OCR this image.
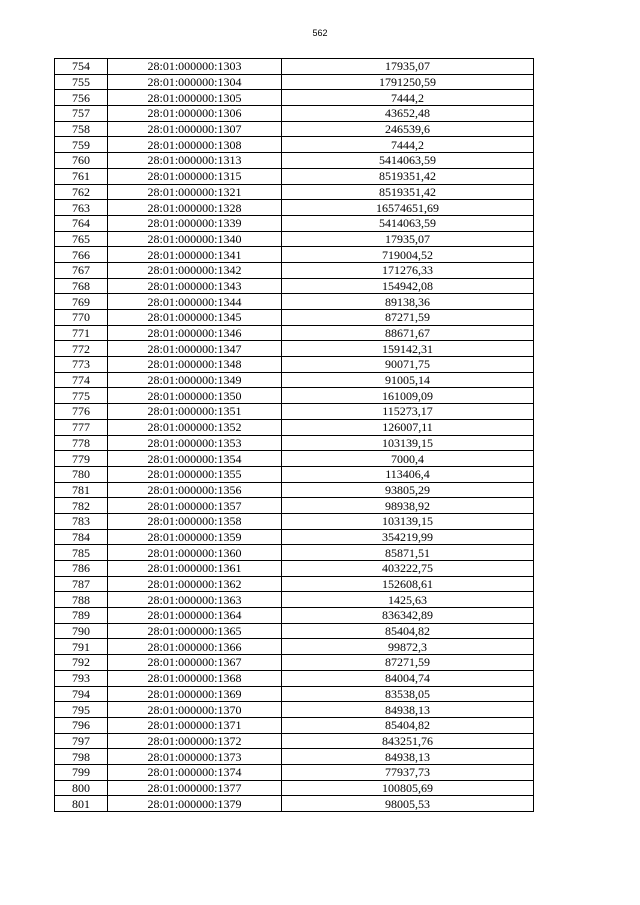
562
754	28:01:000000:1303	17935,07
755	28:01:000000:1304	1791250,59
756	28:01:000000:1305	7444,2
757	28:01:000000:1306	43652,48
758	28:01:000000:1307	246539,6
759	28:01:000000:1308	7444,2
760	28:01:000000:1313	5414063,59
761	28:01:000000:1315	8519351,42
762	28:01:000000:1321	8519351,42
763	28:01:000000:1328	16574651,69
764	28:01:000000:1339	5414063,59
765	28:01:000000:1340	17935,07
766	28:01:000000:1341	719004,52
767	28:01:000000:1342	171276,33
768	28:01:000000:1343	154942,08
769	28:01:000000:1344	89138,36
770	28:01:000000:1345	87271,59
771	28:01:000000:1346	88671,67
772	28:01:000000:1347	159142,31
773	28:01:000000:1348	90071,75
774	28:01:000000:1349	91005,14
775	28:01:000000:1350	161009,09
776	28:01:000000:1351	115273,17
777	28:01:000000:1352	126007,11
778	28:01:000000:1353	103139,15
779	28:01:000000:1354	7000,4
780	28:01:000000:1355	113406,4
781	28:01:000000:1356	93805,29
782	28:01:000000:1357	98938,92
783	28:01:000000:1358	103139,15
784	28:01:000000:1359	354219,99
785	28:01:000000:1360	85871,51
786	28:01:000000:1361	403222,75
787	28:01:000000:1362	152608,61
788	28:01:000000:1363	1425,63
789	28:01:000000:1364	836342,89
790	28:01:000000:1365	85404,82
791	28:01:000000:1366	99872,3
792	28:01:000000:1367	87271,59
793	28:01:000000:1368	84004,74
794	28:01:000000:1369	83538,05
795	28:01:000000:1370	84938,13
796	28:01:000000:1371	85404,82
797	28:01:000000:1372	843251,76
798	28:01:000000:1373	84938,13
799	28:01:000000:1374	77937,73
800	28:01:000000:1377	100805,69
801	28:01:000000:1379	98005,53
